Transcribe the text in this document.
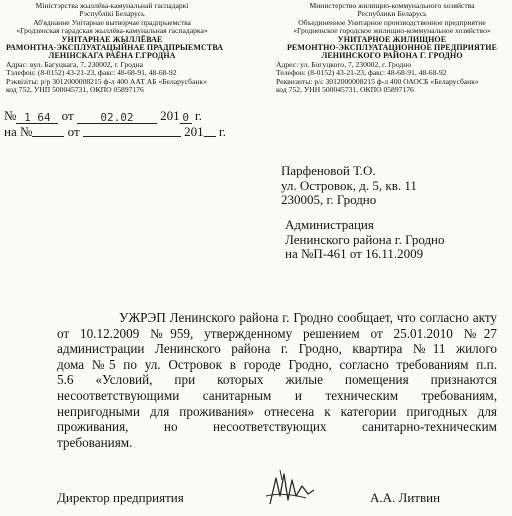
Міністэрства жыллёва-камунальнай гаспадаркі
Рэспублікі Беларусь
Аб'яднанне Унітарнае вытворчае прадпрыемства
«Гродзенская гарадская жыллёва-камунальная гаспадарка»
УНІТАРНАЕ ЖЫЛЛЁВАЕ
РАМОНТНА-ЭКСПЛУАТАЦЫЙНАЕ ПРАДПРЫЕМСТВА
ЛЕНІНСКАГА РАЁНА Г.ГРОДНА
Адрас: вул. Багуцкага, 7, 230002, г. Гродна
Тэлефон: (8-0152) 43-21-23, факс: 48-68-91, 48-68-92
Рэквізіты: р/р 3012000008215 ф-л 400 ААТ АБ «Беларусбанк»
код 752, УНП 500045731, ОКПО 05897176
Министерство жилищно-коммунального хозяйства
Республики Беларусь
Объединенное Унитарное производственное предприятие
«Гродненское городское жилищно-коммунальное хозяйство»
УНИТАРНОЕ ЖИЛИЩНОЕ
РЕМОНТНО-ЭКСПЛУАТАЦИОННОЕ ПРЕДПРИЯТИЕ
ЛЕНИНСКОГО РАЙОНА Г. ГРОДНО
Адрес: ул. Богуцкого, 7, 230002, г. Гродно
Телефон: (8-0152) 43-21-23, факс: 48-68-91, 48-68-92
Реквизиты: р/с 3012000008215 ф-л 400 ОАОСБ «Беларусбанк»
код 752, УНН 500045731, ОКПО 05897176
№ 1 64 от 02.02 201 0 г.
на №	от	201 г.
Парфеновой Т.О.
ул. Островок, д. 5, кв. 11
230005, г. Гродно
Администрация
Ленинского района г. Гродно
на №П-461 от 16.11.2009
УЖРЭП Ленинского района г. Гродно сообщает, что согласно акту
от 10.12.2009 №959, утвержденному решением от 25.01.2010 №27
администрации Ленинского района г. Гродно, квартира №11 жилого
дома №5 по ул. Островок в городе Гродно, согласно требованиям п.п.
5.6 «Условий, при которых жилые помещения признаются
несоответствующими санитарным и техническим требованиям,
непригодными для проживания» отнесена к категории пригодных для
проживания, но несоответствующих санитарно-техническим
требованиям.
Директор предприятия	А.А. Литвин
